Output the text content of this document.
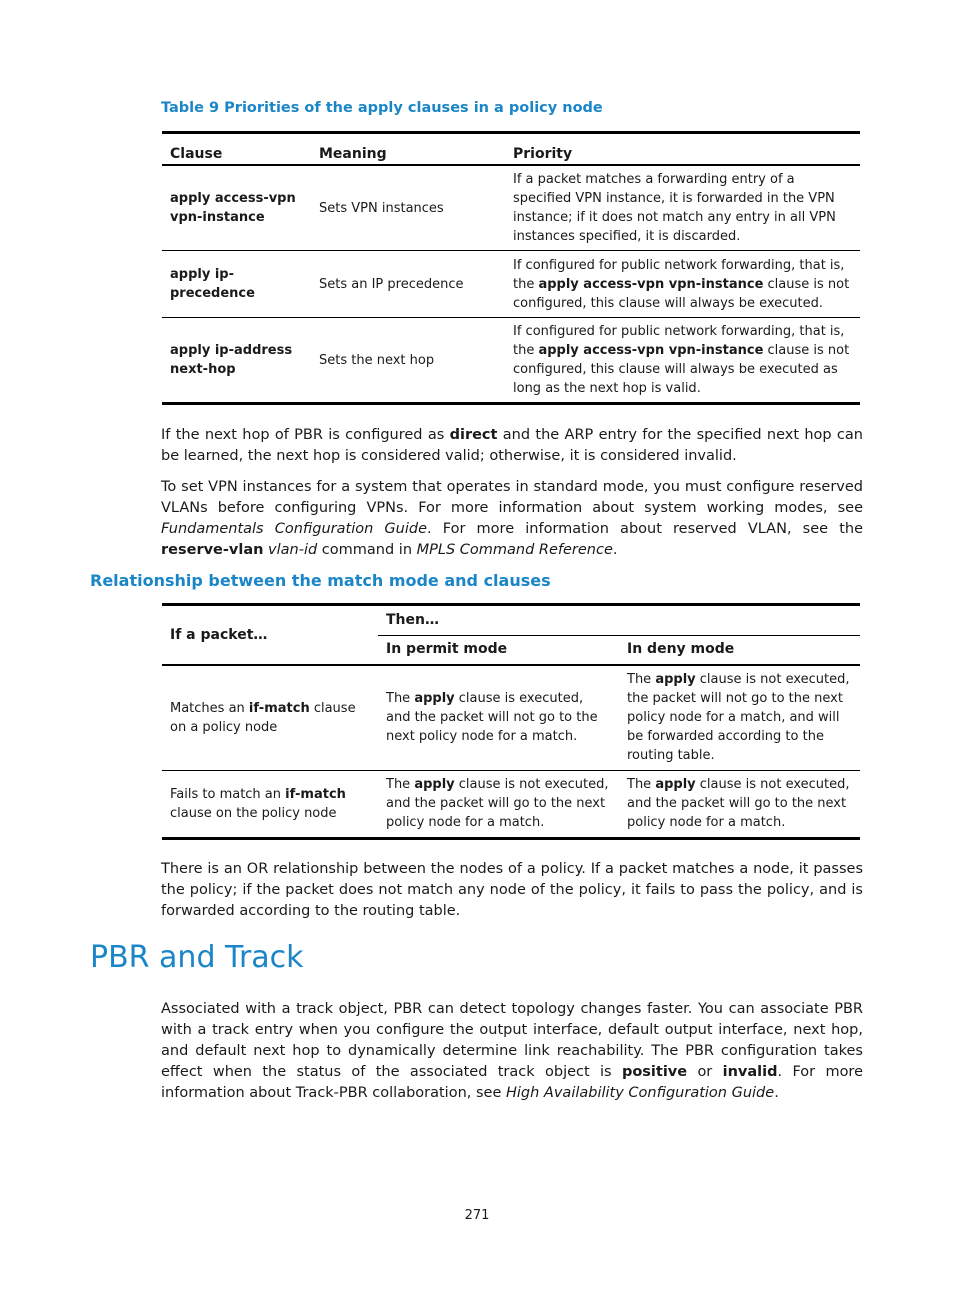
Table 9 Priorities of the apply clauses in a policy node
Clause	Meaning	Priority
apply access-vpn
vpn-instance	Sets VPN instances	If a packet matches a forwarding entry of a specified VPN instance, it is forwarded in the VPN instance; if it does not match any entry in all VPN instances specified, it is discarded.
apply ip-precedence	Sets an IP precedence	If configured for public network forwarding, that is, the apply access-vpn vpn-instance clause is not configured, this clause will always be executed.
apply ip-address
next-hop	Sets the next hop	If configured for public network forwarding, that is, the apply access-vpn vpn-instance clause is not configured, this clause will always be executed as long as the next hop is valid.

If the next hop of PBR is configured as direct and the ARP entry for the specified next hop can be learned, the next hop is considered valid; otherwise, it is considered invalid.

To set VPN instances for a system that operates in standard mode, you must configure reserved VLANs before configuring VPNs. For more information about system working modes, see Fundamentals Configuration Guide. For more information about reserved VLAN, see the reserve-vlan vlan-id command in MPLS Command Reference.

Relationship between the match mode and clauses
If a packet…	Then…	
	In permit mode	In deny mode
Matches an if-match clause on a policy node	The apply clause is executed, and the packet will not go to the next policy node for a match.	The apply clause is not executed, the packet will not go to the next policy node for a match, and will be forwarded according to the routing table.
Fails to match an if-match clause on the policy node	The apply clause is not executed, and the packet will go to the next policy node for a match.	The apply clause is not executed, and the packet will go to the next policy node for a match.

There is an OR relationship between the nodes of a policy. If a packet matches a node, it passes the policy; if the packet does not match any node of the policy, it fails to pass the policy, and is forwarded according to the routing table.

PBR and Track

Associated with a track object, PBR can detect topology changes faster. You can associate PBR with a track entry when you configure the output interface, default output interface, next hop, and default next hop to dynamically determine link reachability. The PBR configuration takes effect when the status of the associated track object is positive or invalid. For more information about Track-PBR collaboration, see High Availability Configuration Guide.

271
